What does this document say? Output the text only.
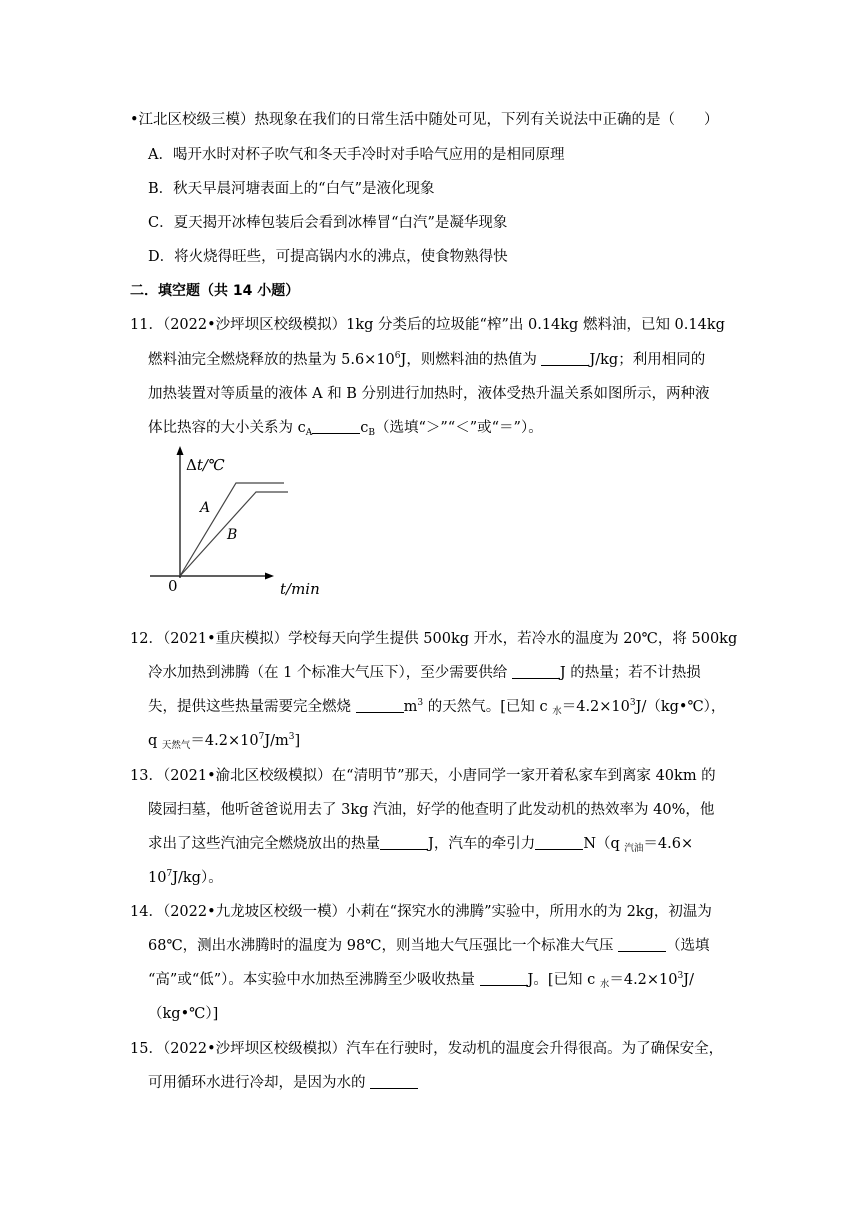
•江北区校级三模）热现象在我们的日常生活中随处可见，下列有关说法中正确的是（　　）
A．喝开水时对杯子吹气和冬天手冷时对手哈气应用的是相同原理
B．秋天早晨河塘表面上的“白气”是液化现象
C．夏天揭开冰棒包装后会看到冰棒冒“白汽”是凝华现象
D．将火烧得旺些，可提高锅内水的沸点，使食物熟得快
二．填空题（共 14 小题）
11．（2022•沙坪坝区校级模拟）1kg 分类后的垃圾能“榨”出 0.14kg 燃料油，已知 0.14kg
燃料油完全燃烧释放的热量为 $5.6\times 10^6J$，则燃料油的热值为	J/kg；利用相同的
加热装置对等质量的液体 A 和 B 分别进行加热时，液体受热升温关系如图所示，两种液
体比热容的大小关系为 $c_A$	$c_B$（选填“＞”“＜”或“＝”）。
Δt/℃
t/min
0
A
B
12．（2021•重庆模拟）学校每天向学生提供 500kg 开水，若冷水的温度为 20℃，将 500kg
冷水加热到沸腾（在 1 个标准大气压下），至少需要供给	J 的热量；若不计热损
失，提供这些热量需要完全燃烧	$m^3$ 的天然气。[已知 c $_水=4.2\times 10^3J/(kg•℃)$，
q $_{天然气}=4.2\times 10^7J/m^3$]
13．（2021•渝北区校级模拟）在“清明节”那天，小唐同学一家开着私家车到离家 40km 的
陵园扫墓，他听爸爸说用去了 3kg 汽油，好学的他查明了此发动机的热效率为 40%，他
求出了这些汽油完全燃烧放出的热量	J，汽车的牵引力	N（q $_{汽油}$＝4.6×
$10^7J/kg$）。
14．（2022•九龙坡区校级一模）小莉在“探究水的沸腾”实验中，所用水的为 2kg，初温为
68℃，测出水沸腾时的温度为 98℃，则当地大气压强比一个标准大气压	（选填
“高”或“低”）。本实验中水加热至沸腾至少吸收热量	J。[已知 c $_水=4.2\times 10^3J/$
（kg•℃）]
15．（2022•沙坪坝区校级模拟）汽车在行驶时，发动机的温度会升得很高。为了确保安全，
可用循环水进行冷却，是因为水的
